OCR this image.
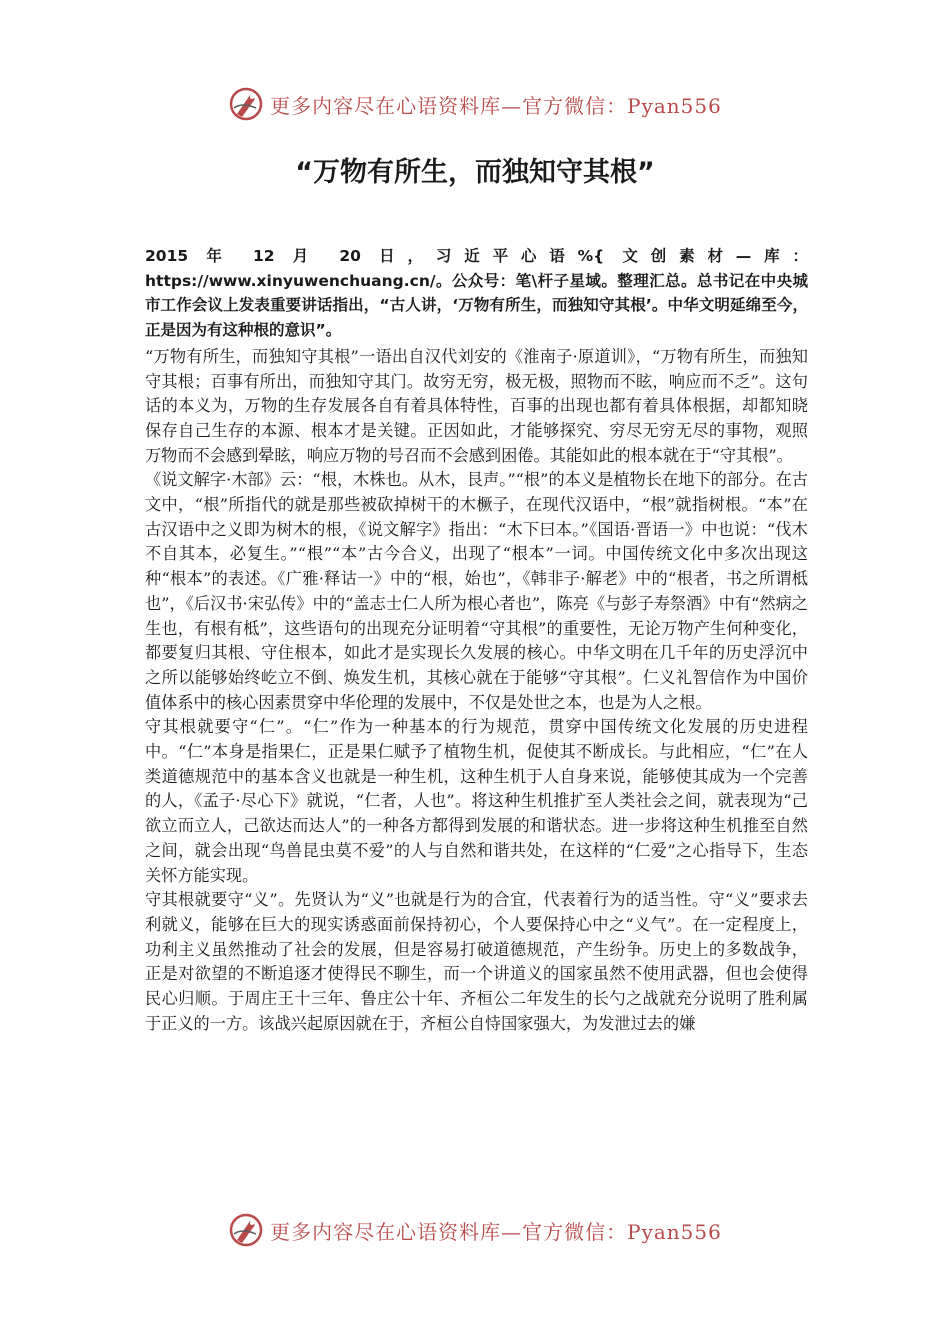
更多内容尽在心语资料库—官方微信：Pyan556
“万物有所生，而独知守其根”

2015 年 12 月 20 日，习近平心语%{ 文创素材—库：https://www.xinyuwenchuang.cn/。公众号：笔\杆子星域。整理汇总。总书记在中央城市工作会议上发表重要讲话指出，“古人讲，‘万物有所生，而独知守其根’。中华文明延绵至今，正是因为有这种根的意识”。

“万物有所生，而独知守其根”一语出自汉代刘安的《淮南子·原道训》，“万物有所生，而独知守其根；百事有所出，而独知守其门。故穷无穷，极无极，照物而不眩，响应而不乏”。这句话的本义为，万物的生存发展各自有着具体特性，百事的出现也都有着具体根据，却都知晓保存自己生存的本源、根本才是关键。正因如此，才能够探究、穷尽无穷无尽的事物，观照万物而不会感到晕眩，响应万物的号召而不会感到困倦。其能如此的根本就在于“守其根”。

《说文解字·木部》云：“根，木株也。从木，艮声。”“根”的本义是植物长在地下的部分。在古文中，“根”所指代的就是那些被砍掉树干的木橛子，在现代汉语中，“根”就指树根。“本”在古汉语中之义即为树木的根，《说文解字》指出：“木下曰本。”《国语·晋语一》中也说：“伐木不自其本，必复生。”“根”“本”古今合义，出现了“根本”一词。中国传统文化中多次出现这种“根本”的表述。《广雅·释诂一》中的“根，始也”，《韩非子·解老》中的“根者，书之所谓柢也”，《后汉书·宋弘传》中的“盖志士仁人所为根心者也”，陈亮《与彭子寿祭酒》中有“然病之生也，有根有柢”，这些语句的出现充分证明着“守其根”的重要性，无论万物产生何种变化，都要复归其根、守住根本，如此才是实现长久发展的核心。中华文明在几千年的历史浮沉中之所以能够始终屹立不倒、焕发生机，其核心就在于能够“守其根”。仁义礼智信作为中国价值体系中的核心因素贯穿中华伦理的发展中，不仅是处世之本，也是为人之根。

守其根就要守“仁”。“仁”作为一种基本的行为规范，贯穿中国传统文化发展的历史进程中。“仁”本身是指果仁，正是果仁赋予了植物生机，促使其不断成长。与此相应，“仁”在人类道德规范中的基本含义也就是一种生机，这种生机于人自身来说，能够使其成为一个完善的人，《孟子·尽心下》就说，“仁者，人也”。将这种生机推扩至人类社会之间，就表现为“己欲立而立人，己欲达而达人”的一种各方都得到发展的和谐状态。进一步将这种生机推至自然之间，就会出现“鸟兽昆虫莫不爱”的人与自然和谐共处，在这样的“仁爱”之心指导下，生态关怀方能实现。

守其根就要守“义”。先贤认为“义”也就是行为的合宜，代表着行为的适当性。守“义”要求去利就义，能够在巨大的现实诱惑面前保持初心，个人要保持心中之“义气”。在一定程度上，功利主义虽然推动了社会的发展，但是容易打破道德规范，产生纷争。历史上的多数战争，正是对欲望的不断追逐才使得民不聊生，而一个讲道义的国家虽然不使用武器，但也会使得民心归顺。于周庄王十三年、鲁庄公十年、齐桓公二年发生的长勺之战就充分说明了胜利属于正义的一方。该战兴起原因就在于，齐桓公自恃国家强大，为发泄过去的嫌

更多内容尽在心语资料库—官方微信：Pyan556
